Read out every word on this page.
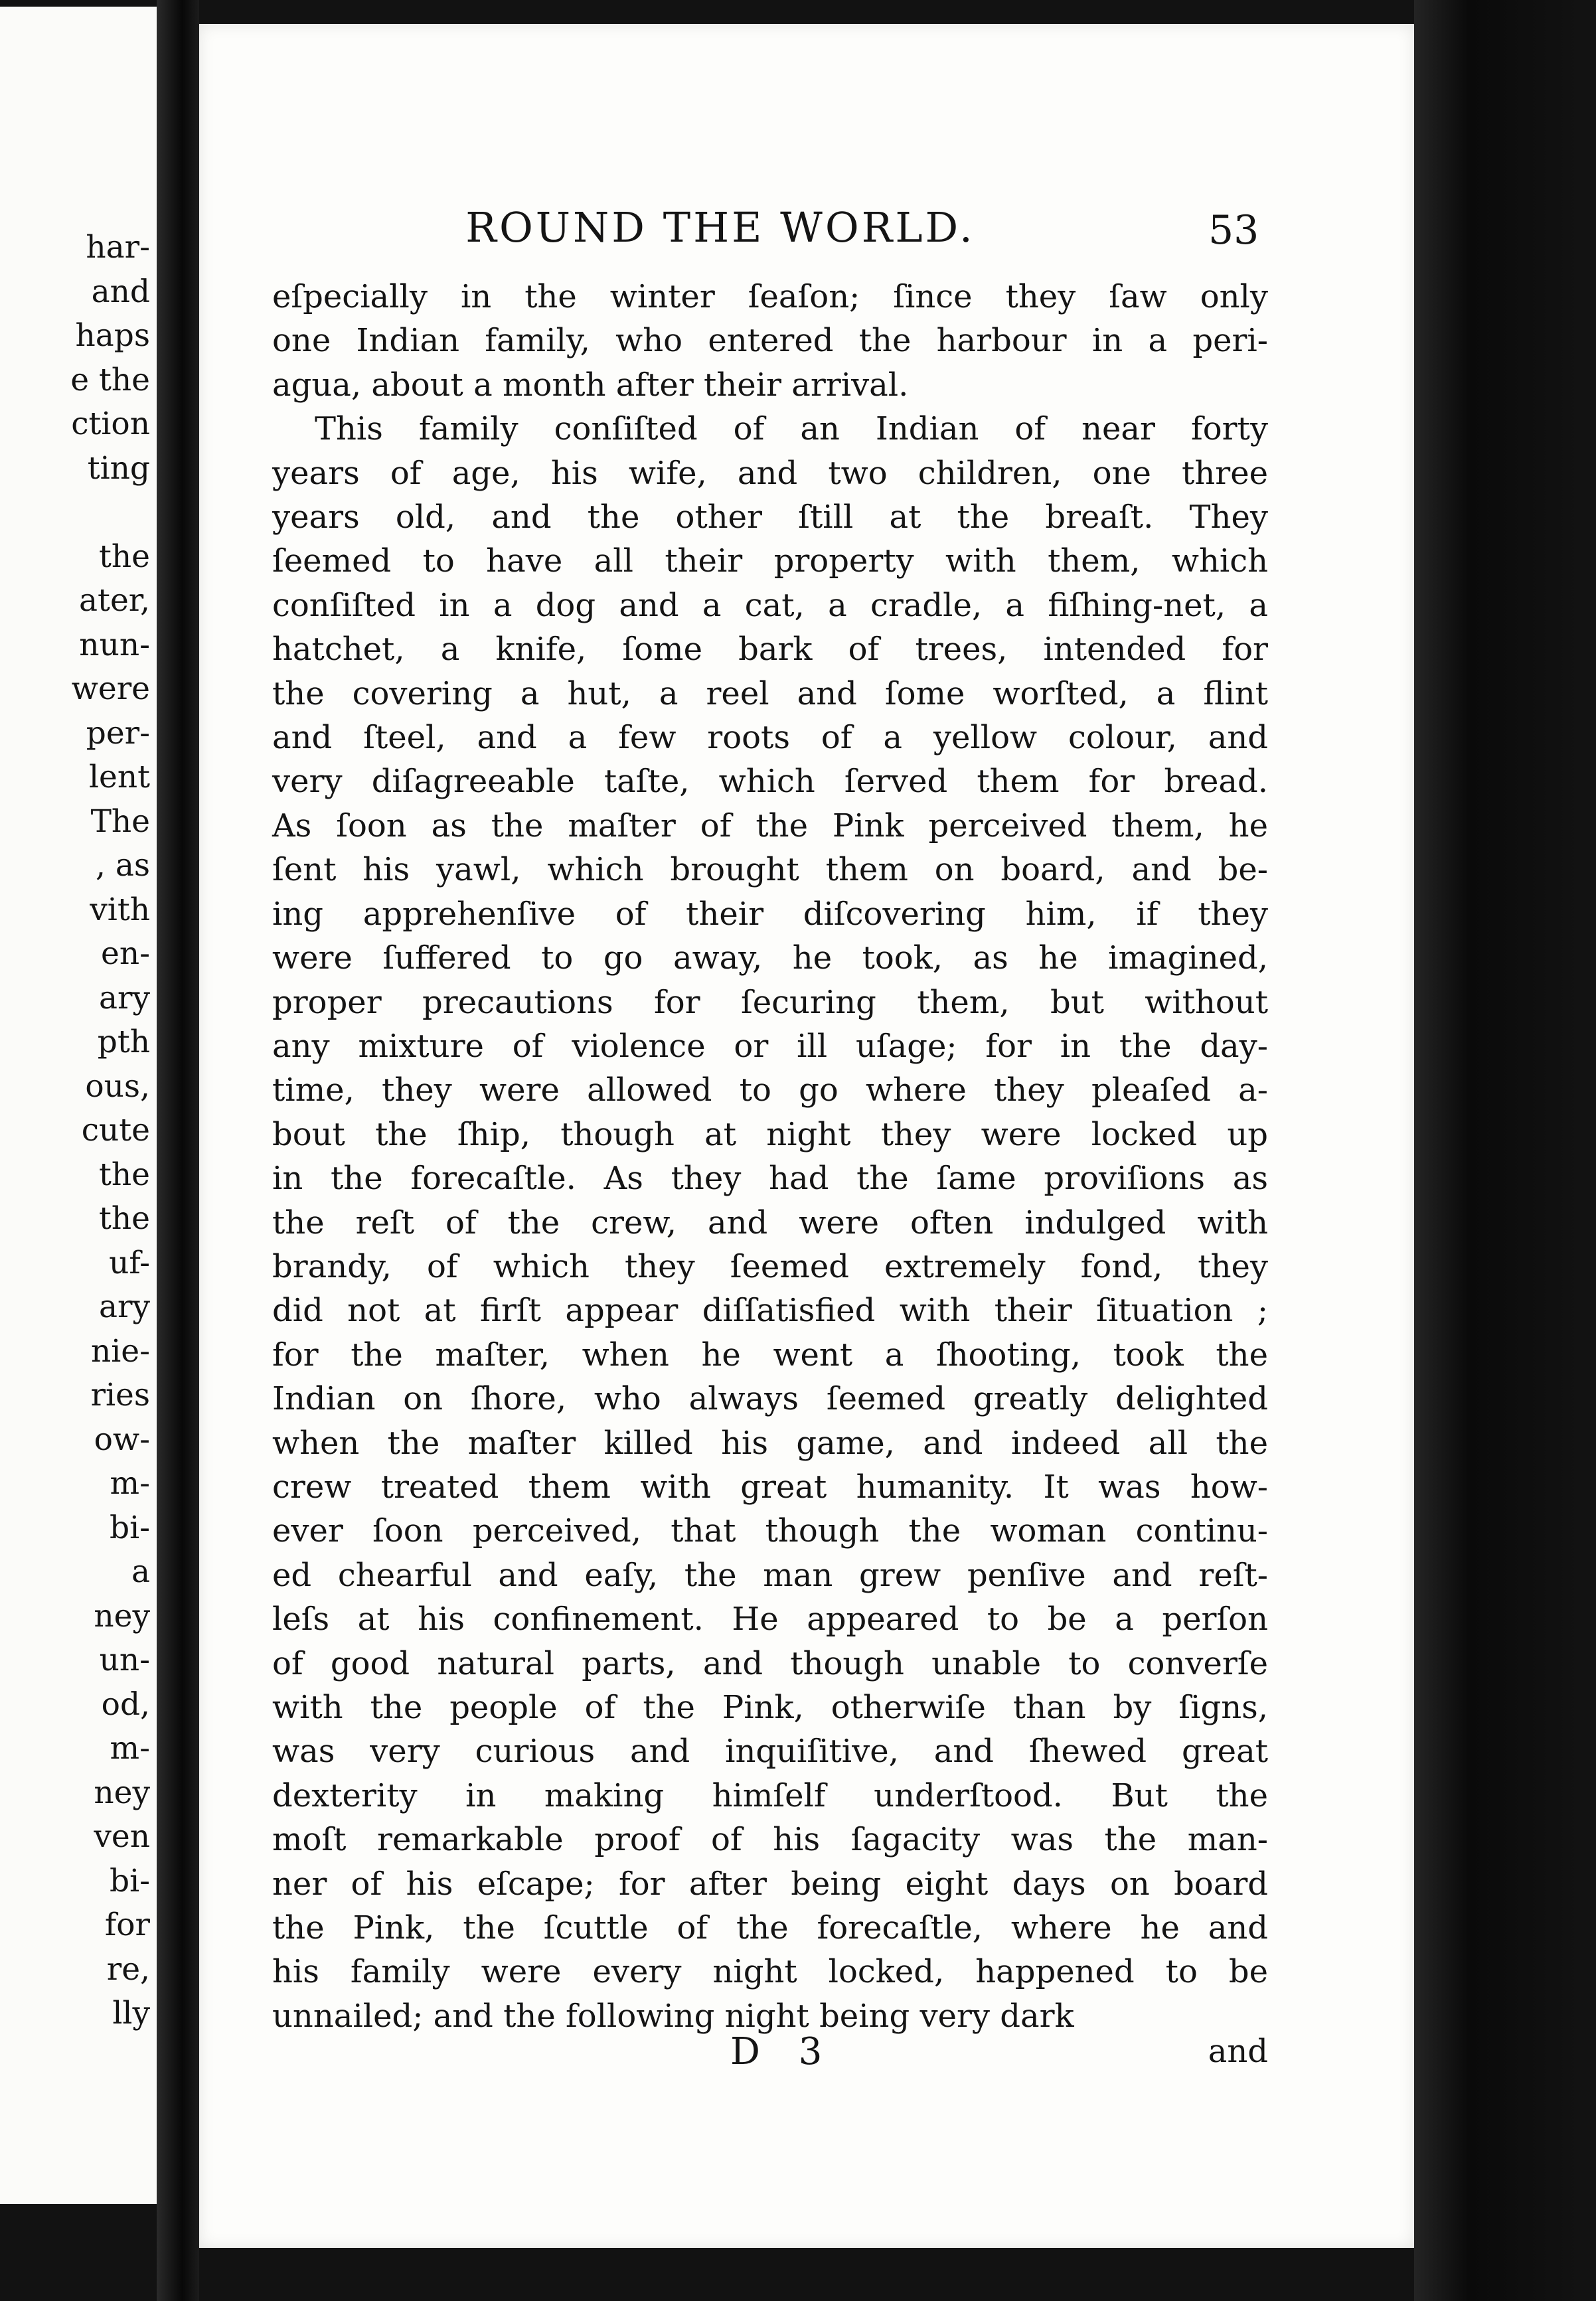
har-
and
haps
e the
ction
ting

the
ater,
nun-
were
per-
lent
The
, as
vith
en-
ary
pth
ous,
cute
the
the
uf-
ary
nie-
ries
ow-
m-
bi-
a
ney
un-
od,
m-
ney
ven
bi-
for
re,
lly
ROUND THE WORLD.	53
eſpecially in the winter ſeaſon; ſince they ſaw only
one Indian family, who entered the harbour in a peri-
agua, about a month after their arrival.
This family conſiſted of an Indian of near forty
years of age, his wife, and two children, one three
years old, and the other ſtill at the breaſt. They
ſeemed to have all their property with them, which
conſiſted in a dog and a cat, a cradle, a fiſhing-net, a
hatchet, a knife, ſome bark of trees, intended for
the covering a hut, a reel and ſome worſted, a flint
and ſteel, and a few roots of a yellow colour, and
very diſagreeable taſte, which ſerved them for bread.
As ſoon as the maſter of the Pink perceived them, he
ſent his yawl, which brought them on board, and be-
ing apprehenſive of their diſcovering him, if they
were ſuffered to go away, he took, as he imagined,
proper precautions for ſecuring them, but without
any mixture of violence or ill uſage; for in the day-
time, they were allowed to go where they pleaſed a-
bout the ſhip, though at night they were locked up
in the forecaſtle. As they had the ſame proviſions as
the reſt of the crew, and were often indulged with
brandy, of which they ſeemed extremely fond, they
did not at firſt appear diſſatisfied with their ſituation ;
for the maſter, when he went a ſhooting, took the
Indian on ſhore, who always ſeemed greatly delighted
when the maſter killed his game, and indeed all the
crew treated them with great humanity. It was how-
ever ſoon perceived, that though the woman continu-
ed chearful and eaſy, the man grew penſive and reſt-
leſs at his confinement. He appeared to be a perſon
of good natural parts, and though unable to converſe
with the people of the Pink, otherwiſe than by ſigns,
was very curious and inquiſitive, and ſhewed great
dexterity in making himſelf underſtood. But the
moſt remarkable proof of his ſagacity was the man-
ner of his eſcape; for after being eight days on board
the Pink, the ſcuttle of the forecaſtle, where he and
his family were every night locked, happened to be
unnailed; and the following night being very dark
D 3	and
